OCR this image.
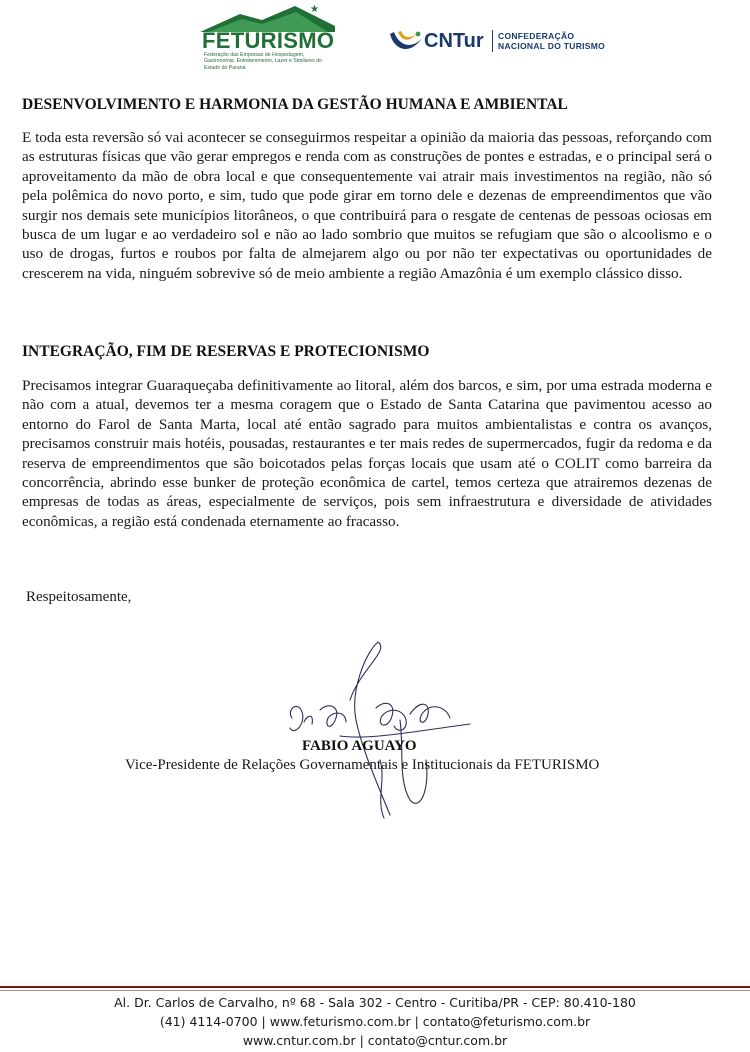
★
FETURISMO
Federação das Empresas de Hospedagem, Gastronomia, Entretenimento, Lazer e Similares do Estado do Paraná
CNTur CONFEDERAÇÃO
NACIONAL DO TURISMO
DESENVOLVIMENTO E HARMONIA DA GESTÃO HUMANA E AMBIENTAL
E toda esta reversão só vai acontecer se conseguirmos respeitar a opinião da maioria das pessoas, reforçando com as estruturas físicas que vão gerar empregos e renda com as construções de pontes e estradas, e o principal será o aproveitamento da mão de obra local e que consequentemente vai atrair mais investimentos na região, não só pela polêmica do novo porto, e sim, tudo que pode girar em torno dele e dezenas de empreendimentos que vão surgir nos demais sete municípios litorâneos, o que contribuirá para o resgate de centenas de pessoas ociosas em busca de um lugar e ao verdadeiro sol e não ao lado sombrio que muitos se refugiam que são o alcoolismo e o uso de drogas, furtos e roubos por falta de almejarem algo ou por não ter expectativas ou oportunidades de crescerem na vida, ninguém sobrevive só de meio ambiente a região Amazônia é um exemplo clássico disso.
INTEGRAÇÃO, FIM DE RESERVAS E PROTECIONISMO
Precisamos integrar Guaraqueçaba definitivamente ao litoral, além dos barcos, e sim, por uma estrada moderna e não com a atual, devemos ter a mesma coragem que o Estado de Santa Catarina que pavimentou acesso ao entorno do Farol de Santa Marta, local até então sagrado para muitos ambientalistas e contra os avanços, precisamos construir mais hotéis, pousadas, restaurantes e ter mais redes de supermercados, fugir da redoma e da reserva de empreendimentos que são boicotados pelas forças locais que usam até o COLIT como barreira da concorrência, abrindo esse bunker de proteção econômica de cartel, temos certeza que atrairemos dezenas de empresas de todas as áreas, especialmente de serviços, pois sem infraestrutura e diversidade de atividades econômicas, a região está condenada eternamente ao fracasso.
Respeitosamente,
FABIO AGUAYO
Vice-Presidente de Relações Governamentais e Institucionais da FETURISMO
Al. Dr. Carlos de Carvalho, nº 68 - Sala 302 - Centro - Curitiba/PR - CEP: 80.410-180
(41) 4114-0700 | www.feturismo.com.br | contato@feturismo.com.br
www.cntur.com.br | contato@cntur.com.br
